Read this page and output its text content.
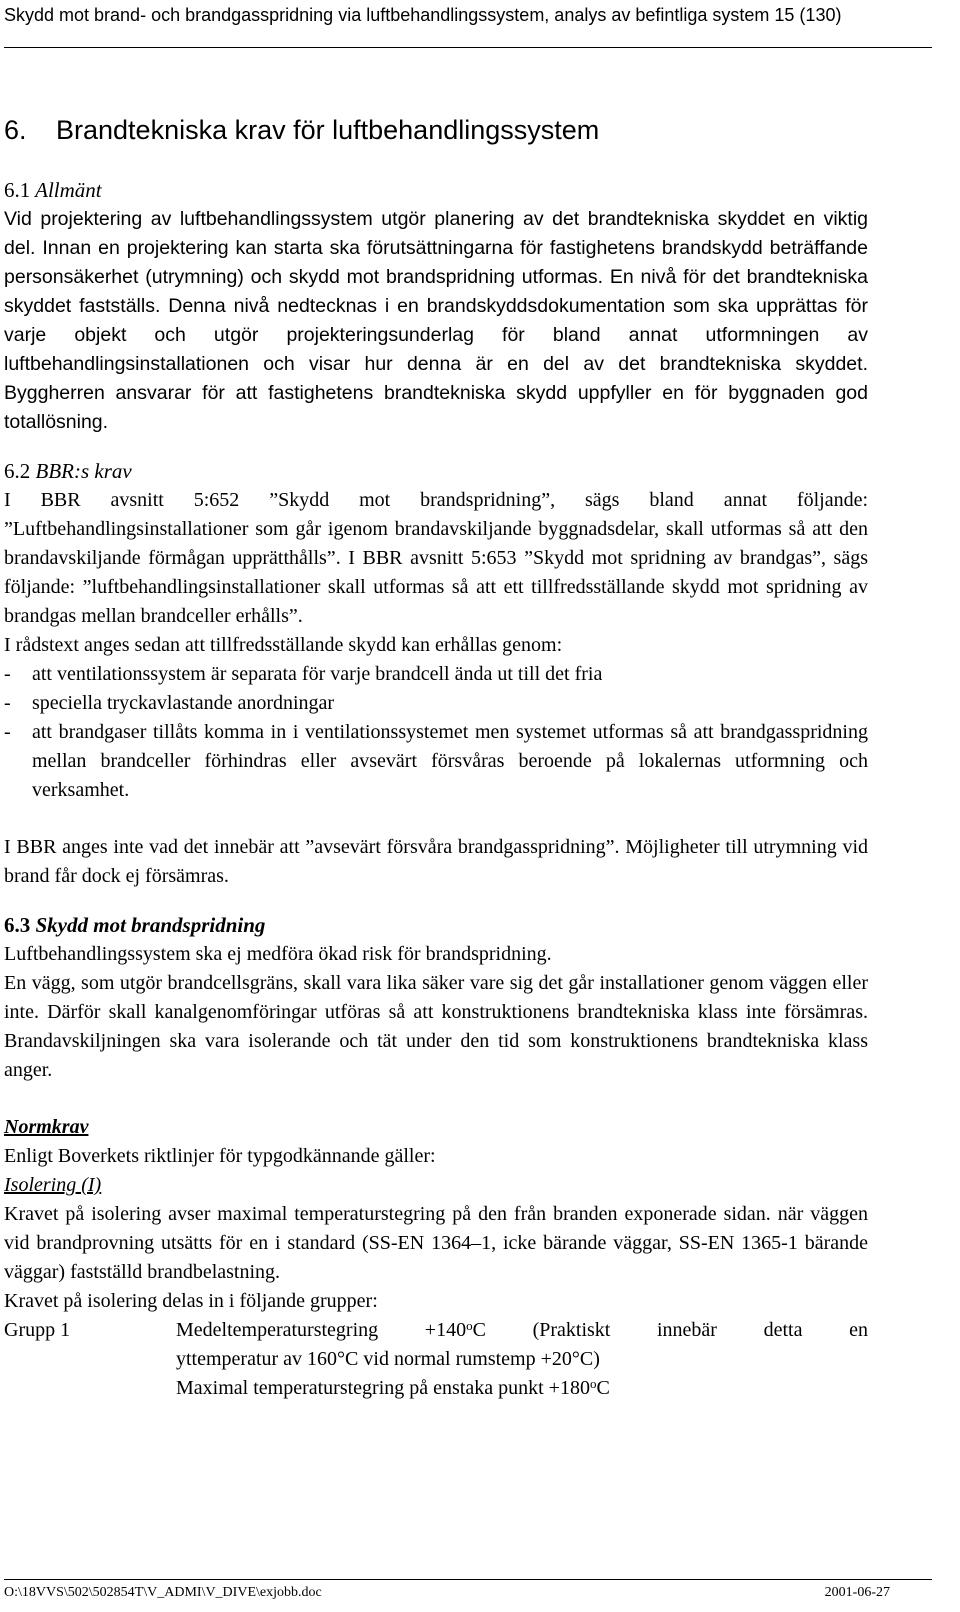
Skydd mot brand- och brandgasspridning via luftbehandlingssystem, analys av befintliga system 15 (130)
6. Brandtekniska krav för luftbehandlingssystem
6.1 Allmänt

Vid projektering av luftbehandlingssystem utgör planering av det brandtekniska skyddet en viktig del. Innan en projektering kan starta ska förutsättningarna för fastighetens brandskydd beträffande personsäkerhet (utrymning) och skydd mot brandspridning utformas. En nivå för det brandtekniska skyddet fastställs. Denna nivå nedtecknas i en brandskyddsdokumentation som ska upprättas för varje objekt och utgör projekteringsunderlag för bland annat utformningen av luftbehandlingsinstallationen och visar hur denna är en del av det brandtekniska skyddet. Byggherren ansvarar för att fastighetens brandtekniska skydd uppfyller en för byggnaden god totallösning.

6.2 BBR:s krav

I BBR avsnitt 5:652 ”Skydd mot brandspridning”, sägs bland annat följande: ”Luftbehandlingsinstallationer som går igenom brandavskiljande byggnadsdelar, skall utformas så att den brandavskiljande förmågan upprätthålls”. I BBR avsnitt 5:653 ”Skydd mot spridning av brandgas”, sägs följande: ”luftbehandlingsinstallationer skall utformas så att ett tillfredsställande skydd mot spridning av brandgas mellan brandceller erhålls”.

I rådstext anges sedan att tillfredsställande skydd kan erhållas genom:

-	att ventilationssystem är separata för varje brandcell ända ut till det fria
-	speciella tryckavlastande anordningar
-	att brandgaser tillåts komma in i ventilationssystemet men systemet utformas så att brandgasspridning mellan brandceller förhindras eller avsevärt försvåras beroende på lokalernas utformning och verksamhet.

I BBR anges inte vad det innebär att ”avsevärt försvåra brandgasspridning”. Möjligheter till utrymning vid brand får dock ej försämras.

6.3 Skydd mot brandspridning

Luftbehandlingssystem ska ej medföra ökad risk för brandspridning.

En vägg, som utgör brandcellsgräns, skall vara lika säker vare sig det går installationer genom väggen eller inte. Därför skall kanalgenomföringar utföras så att konstruktionens brandtekniska klass inte försämras. Brandavskiljningen ska vara isolerande och tät under den tid som konstruktionens brandtekniska klass anger.

Normkrav

Enligt Boverkets riktlinjer för typgodkännande gäller:

Isolering (I)

Kravet på isolering avser maximal temperaturstegring på den från branden exponerade sidan. när väggen vid brandprovning utsätts för en i standard (SS-EN 1364–1, icke bärande väggar, SS-EN 1365-1 bärande väggar) fastställd brandbelastning.

Kravet på isolering delas in i följande grupper:

Grupp 1	Medeltemperaturstegring $+140^oC$ (Praktiskt innebär detta en
yttemperatur av 160°C vid normal rumstemp +20°C)
Maximal temperaturstegring på enstaka punkt $+180^oC$
O:\18VVS\502\502854T\V_ADMI\V_DIVE\exjobb.doc	2001-06-27
